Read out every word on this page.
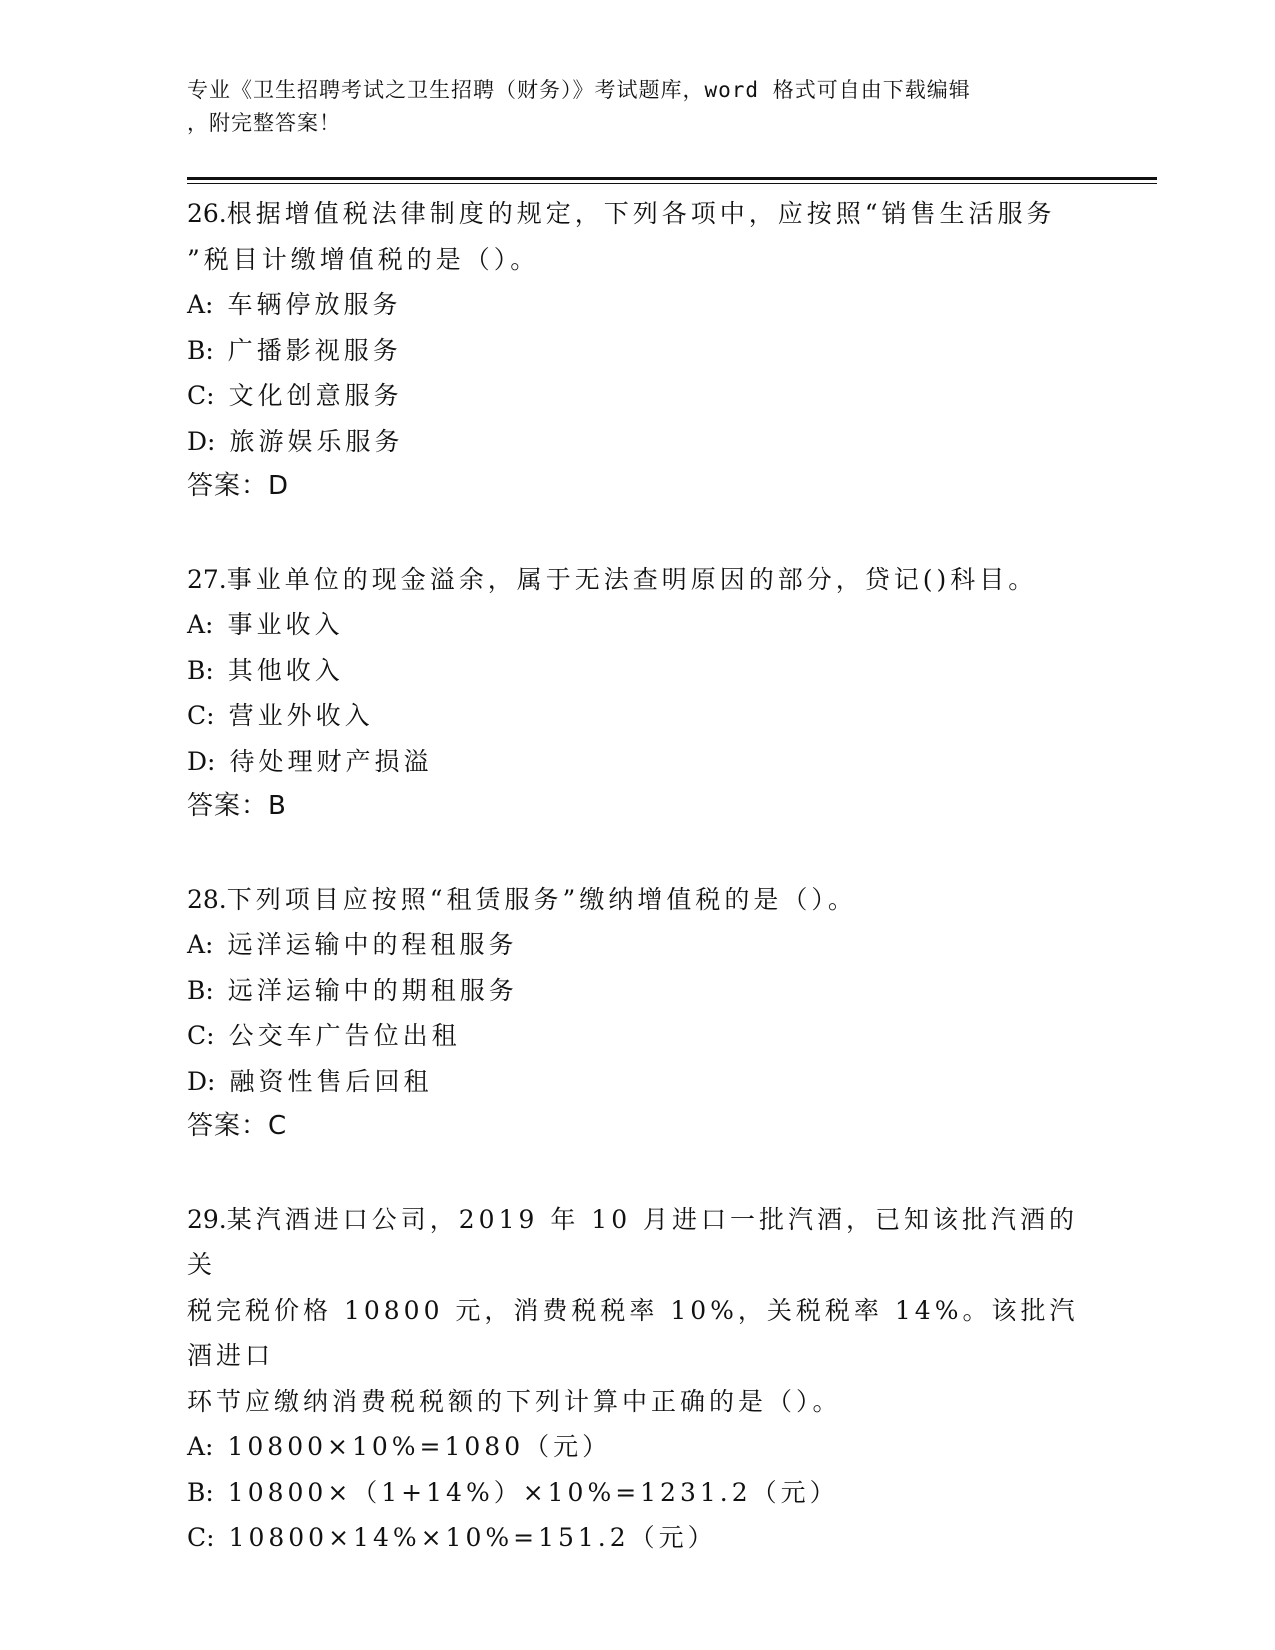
专业《卫生招聘考试之卫生招聘（财务）》考试题库，word 格式可自由下载编辑
，附完整答案！
26.根据增值税法律制度的规定，下列各项中，应按照“销售生活服务
”税目计缴增值税的是（）。
A: 车辆停放服务
B: 广播影视服务
C: 文化创意服务
D: 旅游娱乐服务
答案：D
27.事业单位的现金溢余，属于无法查明原因的部分，贷记()科目。
A: 事业收入
B: 其他收入
C: 营业外收入
D: 待处理财产损溢
答案：B
28.下列项目应按照“租赁服务”缴纳增值税的是（）。
A: 远洋运输中的程租服务
B: 远洋运输中的期租服务
C: 公交车广告位出租
D: 融资性售后回租
答案：C
29.某汽酒进口公司，2019 年 10 月进口一批汽酒，已知该批汽酒的关
税完税价格 10800 元，消费税税率 10%，关税税率 14%。该批汽酒进口
环节应缴纳消费税税额的下列计算中正确的是（）。
A: 10800×10%=1080（元）
B: 10800×（1+14%）×10%=1231.2（元）
C: 10800×14%×10%=151.2（元）
